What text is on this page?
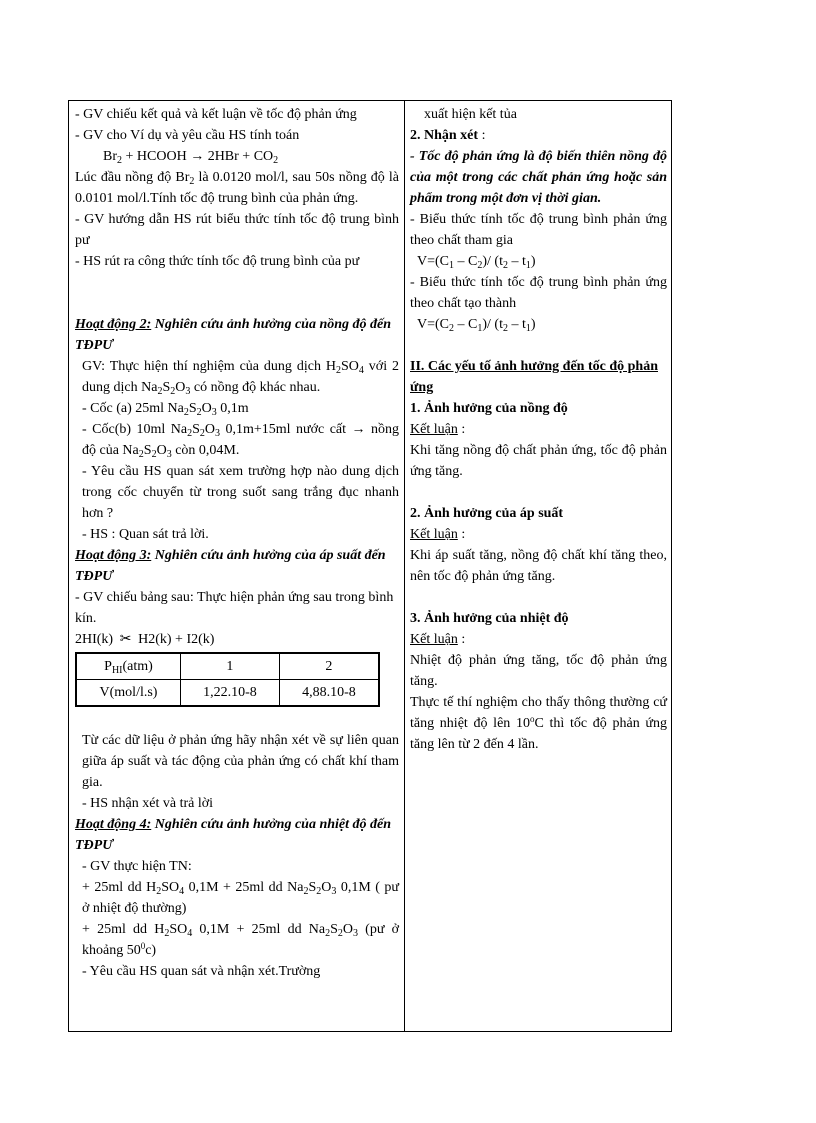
- GV chiếu kết quả và kết luận về tốc độ phản ứng

- GV cho Ví dụ và yêu cầu HS tính toán

$Br_2$ + HCOOH → $2HBr + CO_2$

Lúc đầu nồng độ $Br_2$ là 0.0120 mol/l, sau 50s nồng độ là 0.0101 mol/l.Tính tốc độ trung bình của phản ứng.

- GV hướng dẫn HS rút biểu thức tính tốc độ trung bình pư

- HS rút ra công thức tính tốc độ trung bình của pư

Hoạt động 2: Nghiên cứu ảnh hưởng của nồng độ đến TĐPƯ

GV: Thực hiện thí nghiệm của dung dịch $H_2SO_4$ với 2 dung dịch $Na_2S_2O_3$ có nồng độ khác nhau.

- Cốc (a) 25ml $Na_2S_2O_3$ 0,1m

- Cốc(b) 10ml $Na_2S_2O_3$ 0,1m+15ml nước cất → nồng độ của $Na_2S_2O_3$ còn 0,04M.

- Yêu cầu HS quan sát xem trường hợp nào dung dịch trong cốc chuyển từ trong suốt sang trắng đục nhanh hơn ?

- HS : Quan sát trả lời.

Hoạt động 3: Nghiên cứu ảnh hưởng của áp suất đến TĐPƯ

- GV chiếu bảng sau: Thực hiện phản ứng sau trong bình kín.

2HI(k) ✂ H2(k) + I2(k)

$P_{HI}(atm)$	1	2
V(mol/l.s)	1,22.10-8	4,88.10-8

Từ các dữ liệu ở phản ứng hãy nhận xét về sự liên quan giữa áp suất và tác động của phản ứng có chất khí tham gia.

- HS nhận xét và trả lời

Hoạt động 4: Nghiên cứu ảnh hưởng của nhiệt độ đến TĐPƯ

- GV thực hiện TN:

+ 25ml dd $H_2SO_4$ 0,1M + 25ml dd $Na_2S_2O_3$ 0,1M ( pư ở nhiệt độ thường)

+ 25ml dd $H_2SO_4$ 0,1M + 25ml dd $Na_2S_2O_3$ (pư ở khoảng $50^0c$)

- Yêu cầu HS quan sát và nhận xét.Trường

xuất hiện kết tủa

2. Nhận xét :

- Tốc độ phản ứng là độ biến thiên nồng độ của một trong các chất phản ứng hoặc sản phẩm trong một đơn vị thời gian.

- Biểu thức tính tốc độ trung bình phản ứng theo chất tham gia

$V=(C_1 - C_2)/$ $(t_2 - t_1)$

- Biểu thức tính tốc độ trung bình phản ứng theo chất tạo thành

$V=(C_2 - C_1)/$ $(t_2 - t_1)$

II. Các yếu tố ảnh hưởng đến tốc độ phản ứng

1. Ảnh hưởng của nồng độ

Kết luận :

Khi tăng nồng độ chất phản ứng, tốc độ phản ứng tăng.

2. Ảnh hưởng của áp suất

Kết luận :

Khi áp suất tăng, nồng độ chất khí tăng theo, nên tốc độ phản ứng tăng.

3. Ảnh hưởng của nhiệt độ

Kết luận :

Nhiệt độ phản ứng tăng, tốc độ phản ứng tăng.

Thực tế thí nghiệm cho thấy thông thường cứ tăng nhiệt độ lên 10$^o$C thì tốc độ phản ứng tăng lên từ 2 đến 4 lần.
